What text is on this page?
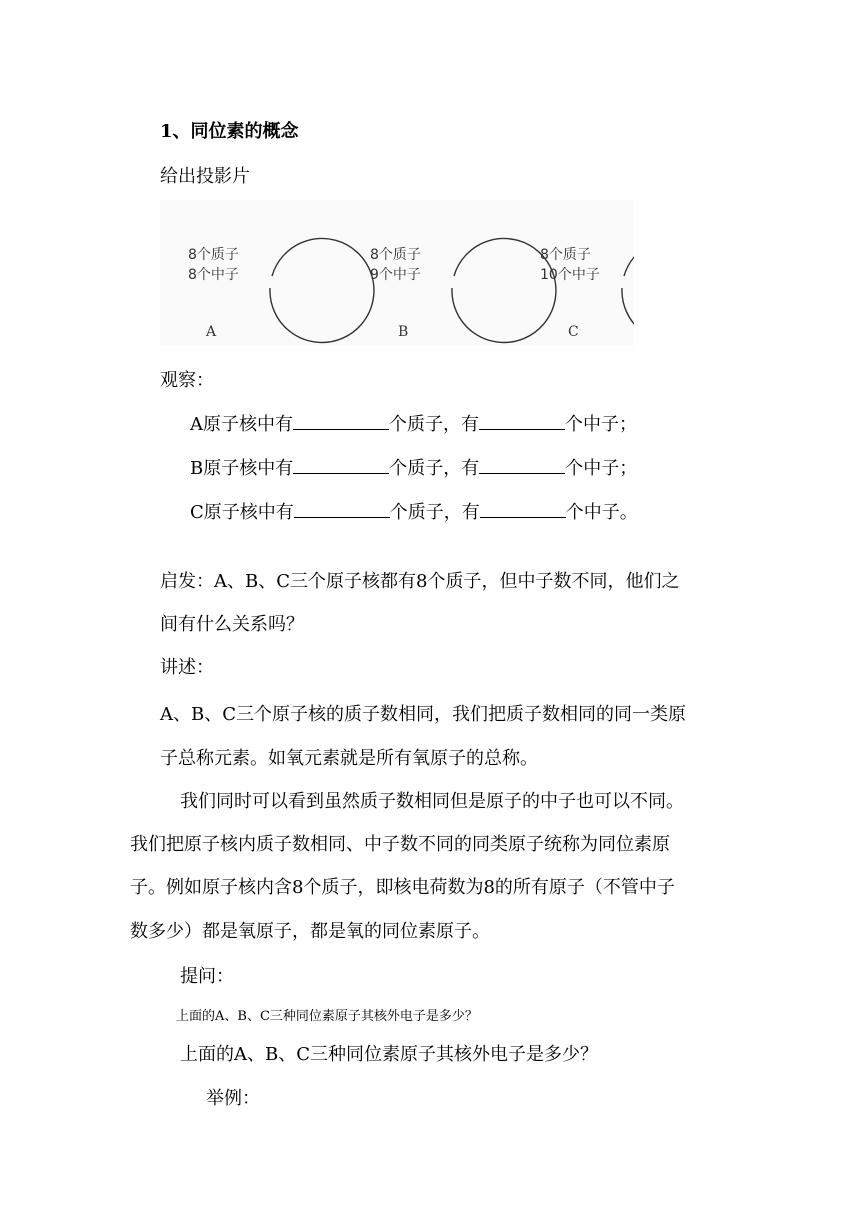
1、同位素的概念

给出投影片

8个质子
8个中子
A
8个质子
9个中子
B
8个质子
10个中子
C

观察：

A原子核中有	个质子，有	个中子；

B原子核中有	个质子，有	个中子；

C原子核中有	个质子，有	个中子。

启发：A、B、C三个原子核都有8个质子，但中子数不同，他们之

间有什么关系吗？

讲述：

A、B、C三个原子核的质子数相同，我们把质子数相同的同一类原

子总称元素。如氧元素就是所有氧原子的总称。

我们同时可以看到虽然质子数相同但是原子的中子也可以不同。

我们把原子核内质子数相同、中子数不同的同类原子统称为同位素原

子。例如原子核内含8个质子，即核电荷数为8的所有原子（不管中子

数多少）都是氧原子，都是氧的同位素原子。

提问：

上面的A、B、C三种同位素原子其核外电子是多少？

上面的A、B、C三种同位素原子其核外电子是多少？

举例：
